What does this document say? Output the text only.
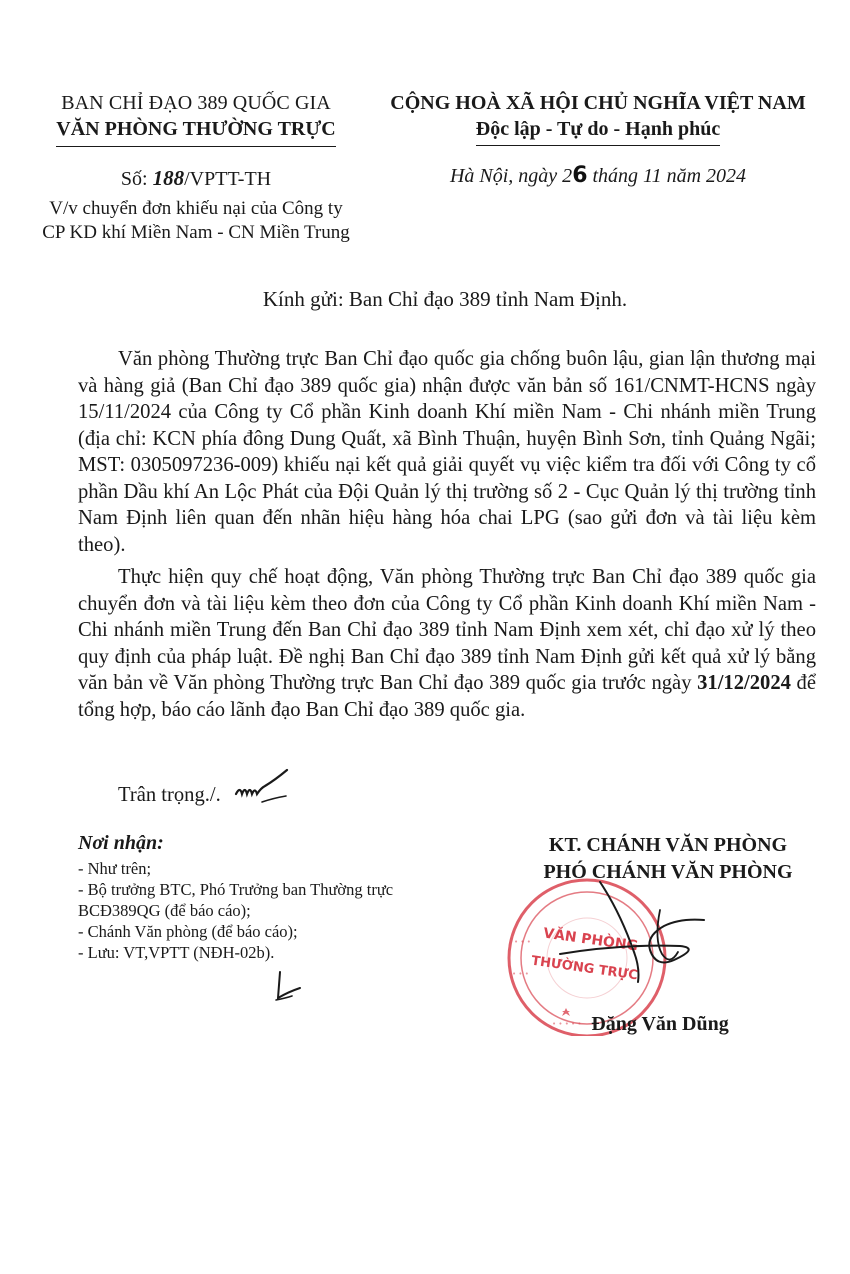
BAN CHỈ ĐẠO 389 QUỐC GIA
VĂN PHÒNG THƯỜNG TRỰC
Số: 188/VPTT-TH
V/v chuyển đơn khiếu nại của Công ty
CP KD khí Miền Nam - CN Miền Trung
CỘNG HOÀ XÃ HỘI CHỦ NGHĨA VIỆT NAM
Độc lập - Tự do - Hạnh phúc
Hà Nội, ngày 26 tháng 11 năm 2024
Kính gửi: Ban Chỉ đạo 389 tỉnh Nam Định.

Văn phòng Thường trực Ban Chỉ đạo quốc gia chống buôn lậu, gian lận thương mại và hàng giả (Ban Chỉ đạo 389 quốc gia) nhận được văn bản số 161/CNMT-HCNS ngày 15/11/2024 của Công ty Cổ phần Kinh doanh Khí miền Nam - Chi nhánh miền Trung (địa chỉ: KCN phía đông Dung Quất, xã Bình Thuận, huyện Bình Sơn, tỉnh Quảng Ngãi; MST: 0305097236-009) khiếu nại kết quả giải quyết vụ việc kiểm tra đối với Công ty cổ phần Dầu khí An Lộc Phát của Đội Quản lý thị trường số 2 - Cục Quản lý thị trường tỉnh Nam Định liên quan đến nhãn hiệu hàng hóa chai LPG (sao gửi đơn và tài liệu kèm theo).

Thực hiện quy chế hoạt động, Văn phòng Thường trực Ban Chỉ đạo 389 quốc gia chuyển đơn và tài liệu kèm theo đơn của Công ty Cổ phần Kinh doanh Khí miền Nam - Chi nhánh miền Trung đến Ban Chỉ đạo 389 tỉnh Nam Định xem xét, chỉ đạo xử lý theo quy định của pháp luật. Đề nghị Ban Chỉ đạo 389 tỉnh Nam Định gửi kết quả xử lý bằng văn bản về Văn phòng Thường trực Ban Chỉ đạo 389 quốc gia trước ngày 31/12/2024 để tổng hợp, báo cáo lãnh đạo Ban Chỉ đạo 389 quốc gia.

Trân trọng./.
Nơi nhận:
- Như trên;
- Bộ trưởng BTC, Phó Trưởng ban Thường trực
BCĐ389QG (để báo cáo);
- Chánh Văn phòng (để báo cáo);
- Lưu: VT,VPTT (NĐH-02b).
KT. CHÁNH VĂN PHÒNG
PHÓ CHÁNH VĂN PHÒNG
• • •
• • •
• • • • •
VĂN PHÒNG
THƯỜNG TRỰC
Đặng Văn Dũng
